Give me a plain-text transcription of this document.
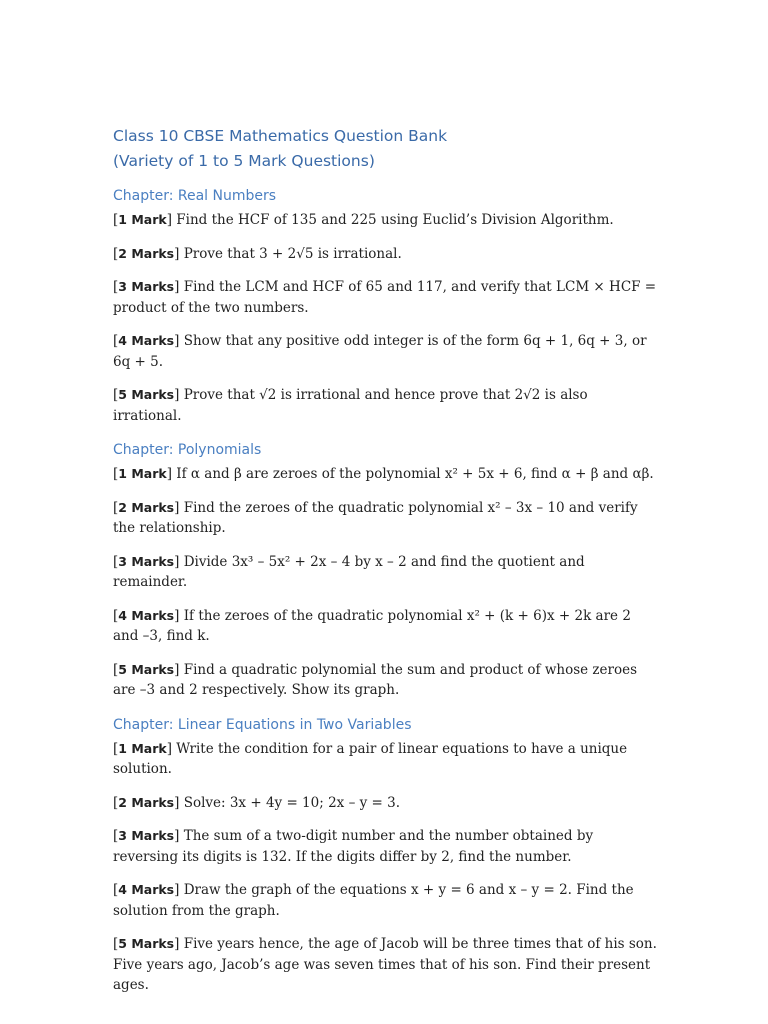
Class 10 CBSE Mathematics Question Bank
(Variety of 1 to 5 Mark Questions)
Chapter: Real Numbers

[1 Mark] Find the HCF of 135 and 225 using Euclid’s Division Algorithm.

[2 Marks] Prove that 3 + 2√5 is irrational.

[3 Marks] Find the LCM and HCF of 65 and 117, and verify that LCM × HCF = product of the two numbers.

[4 Marks] Show that any positive odd integer is of the form 6q + 1, 6q + 3, or 6q + 5.

[5 Marks] Prove that √2 is irrational and hence prove that 2√2 is also irrational.

Chapter: Polynomials

[1 Mark] If α and β are zeroes of the polynomial x² + 5x + 6, find α + β and αβ.

[2 Marks] Find the zeroes of the quadratic polynomial x² – 3x – 10 and verify the relationship.

[3 Marks] Divide 3x³ – 5x² + 2x – 4 by x – 2 and find the quotient and remainder.

[4 Marks] If the zeroes of the quadratic polynomial x² + (k + 6)x + 2k are 2 and –3, find k.

[5 Marks] Find a quadratic polynomial the sum and product of whose zeroes are –3 and 2 respectively. Show its graph.

Chapter: Linear Equations in Two Variables

[1 Mark] Write the condition for a pair of linear equations to have a unique solution.

[2 Marks] Solve: 3x + 4y = 10; 2x – y = 3.

[3 Marks] The sum of a two-digit number and the number obtained by reversing its digits is 132. If the digits differ by 2, find the number.

[4 Marks] Draw the graph of the equations x + y = 6 and x – y = 2. Find the solution from the graph.

[5 Marks] Five years hence, the age of Jacob will be three times that of his son. Five years ago, Jacob’s age was seven times that of his son. Find their present ages.
